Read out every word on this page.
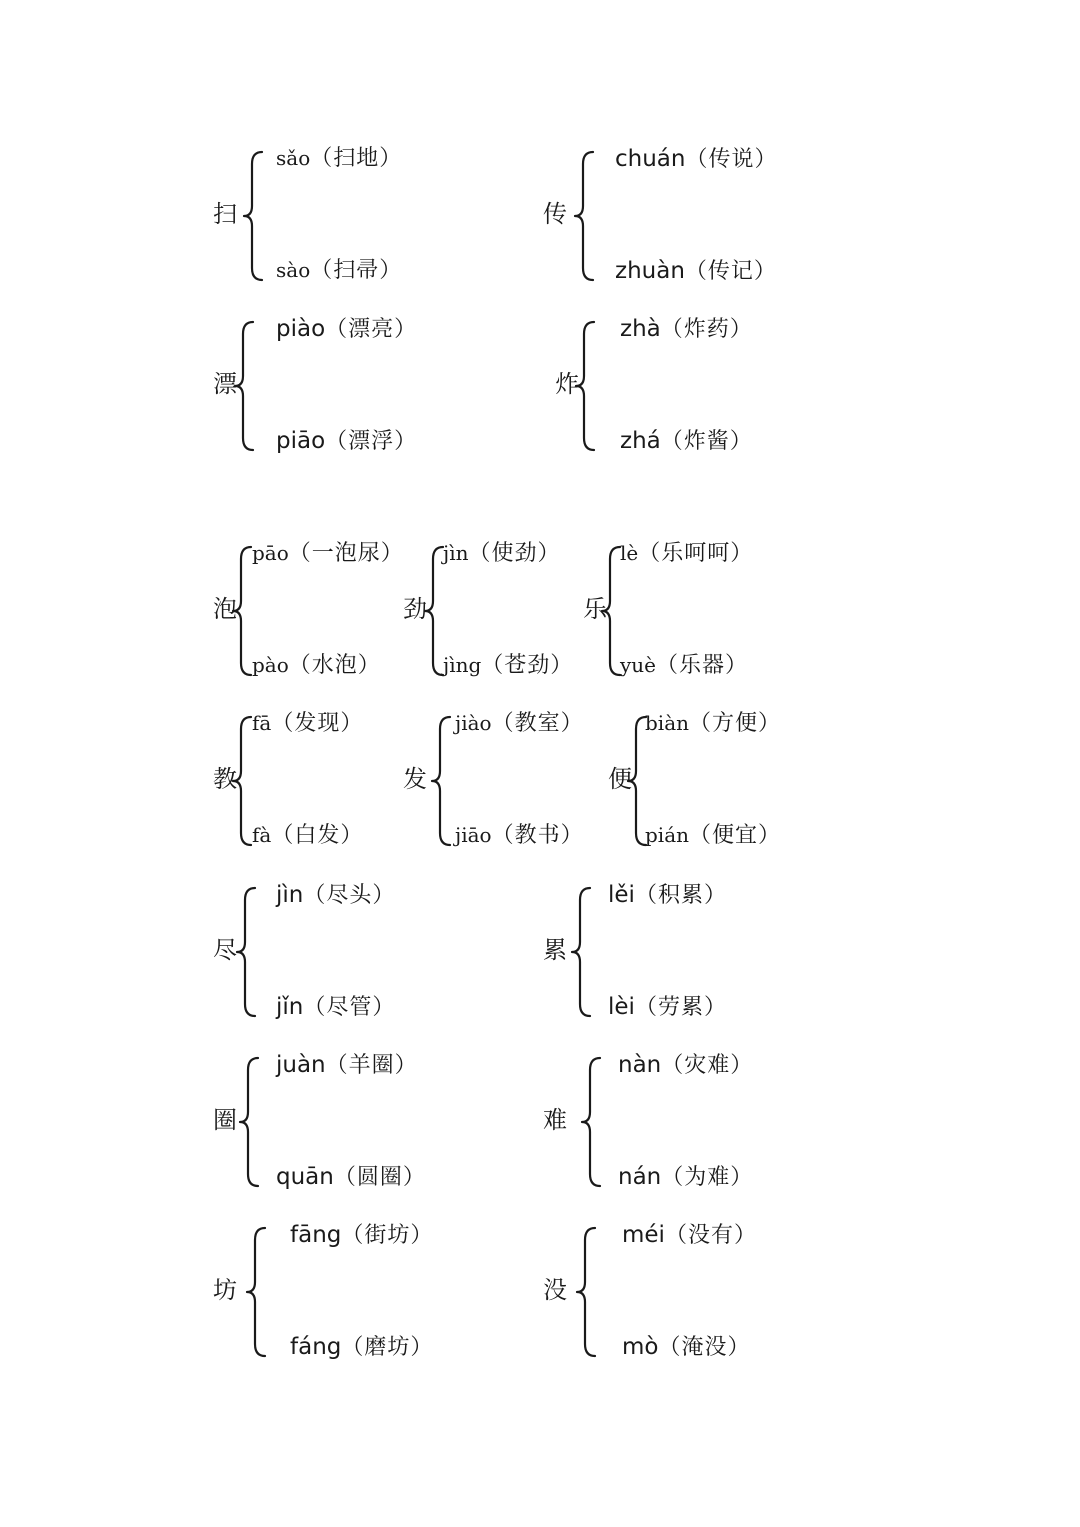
扫
sǎo（扫地）
sào（扫帚）
传
chuán（传说）
zhuàn（传记）
漂
piào（漂亮）
piāo（漂浮）
炸
zhà（炸药）
zhá（炸酱）
泡
pāo（一泡尿）
pào（水泡）
劲
jìn（使劲）
jìng（苍劲）
乐
lè（乐呵呵）
yuè（乐器）
教
fā（发现）
fà（白发）
发
jiào（教室）
jiāo（教书）
便
biàn（方便）
pián（便宜）
尽
jìn（尽头）
jǐn（尽管）
累
lěi（积累）
lèi（劳累）
圈
juàn（羊圈）
quān（圆圈）
难
nàn（灾难）
nán（为难）
坊
fāng（街坊）
fáng（磨坊）
没
méi（没有）
mò（淹没）
